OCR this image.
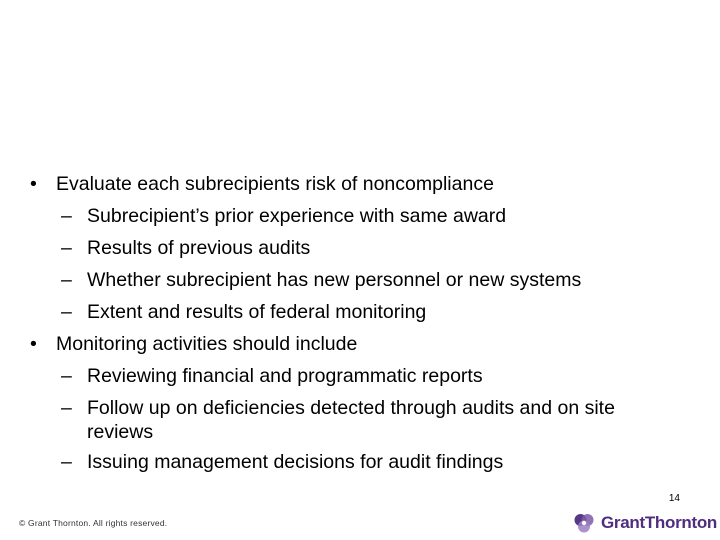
• Evaluate each subrecipients risk of noncompliance
– Subrecipient’s prior experience with same award
– Results of previous audits
– Whether subrecipient has new personnel or new systems
– Extent and results of federal monitoring
• Monitoring activities should include
– Reviewing financial and programmatic reports
– Follow up on deficiencies detected through audits and on site reviews
– Issuing management decisions for audit findings
14
© Grant Thornton. All rights reserved.	GrantThornton
